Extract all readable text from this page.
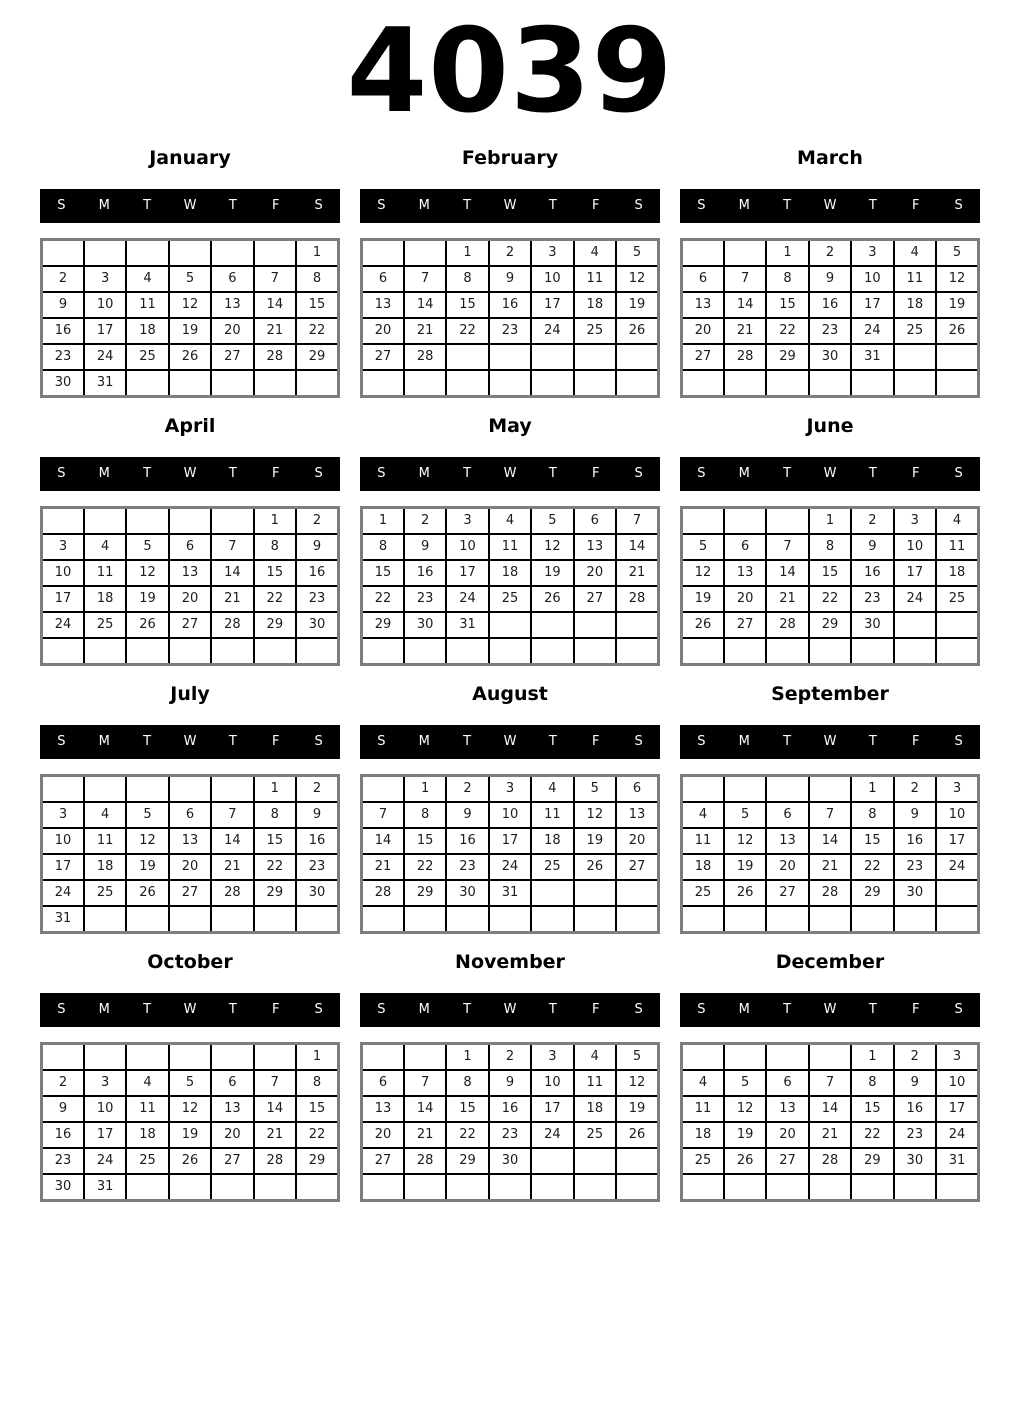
4039
January
S	M	T	W	T	F	S
						1
2	3	4	5	6	7	8
9	10	11	12	13	14	15
16	17	18	19	20	21	22
23	24	25	26	27	28	29
30	31					
February
S	M	T	W	T	F	S
		1	2	3	4	5
6	7	8	9	10	11	12
13	14	15	16	17	18	19
20	21	22	23	24	25	26
27	28					

March
S	M	T	W	T	F	S
		1	2	3	4	5
6	7	8	9	10	11	12
13	14	15	16	17	18	19
20	21	22	23	24	25	26
27	28	29	30	31		

April
S	M	T	W	T	F	S
					1	2
3	4	5	6	7	8	9
10	11	12	13	14	15	16
17	18	19	20	21	22	23
24	25	26	27	28	29	30

May
S	M	T	W	T	F	S
1	2	3	4	5	6	7
8	9	10	11	12	13	14
15	16	17	18	19	20	21
22	23	24	25	26	27	28
29	30	31				

June
S	M	T	W	T	F	S
			1	2	3	4
5	6	7	8	9	10	11
12	13	14	15	16	17	18
19	20	21	22	23	24	25
26	27	28	29	30		

July
S	M	T	W	T	F	S
					1	2
3	4	5	6	7	8	9
10	11	12	13	14	15	16
17	18	19	20	21	22	23
24	25	26	27	28	29	30
31						
August
S	M	T	W	T	F	S
	1	2	3	4	5	6
7	8	9	10	11	12	13
14	15	16	17	18	19	20
21	22	23	24	25	26	27
28	29	30	31			

September
S	M	T	W	T	F	S
				1	2	3
4	5	6	7	8	9	10
11	12	13	14	15	16	17
18	19	20	21	22	23	24
25	26	27	28	29	30	

October
S	M	T	W	T	F	S
						1
2	3	4	5	6	7	8
9	10	11	12	13	14	15
16	17	18	19	20	21	22
23	24	25	26	27	28	29
30	31					
November
S	M	T	W	T	F	S
		1	2	3	4	5
6	7	8	9	10	11	12
13	14	15	16	17	18	19
20	21	22	23	24	25	26
27	28	29	30			

December
S	M	T	W	T	F	S
				1	2	3
4	5	6	7	8	9	10
11	12	13	14	15	16	17
18	19	20	21	22	23	24
25	26	27	28	29	30	31
